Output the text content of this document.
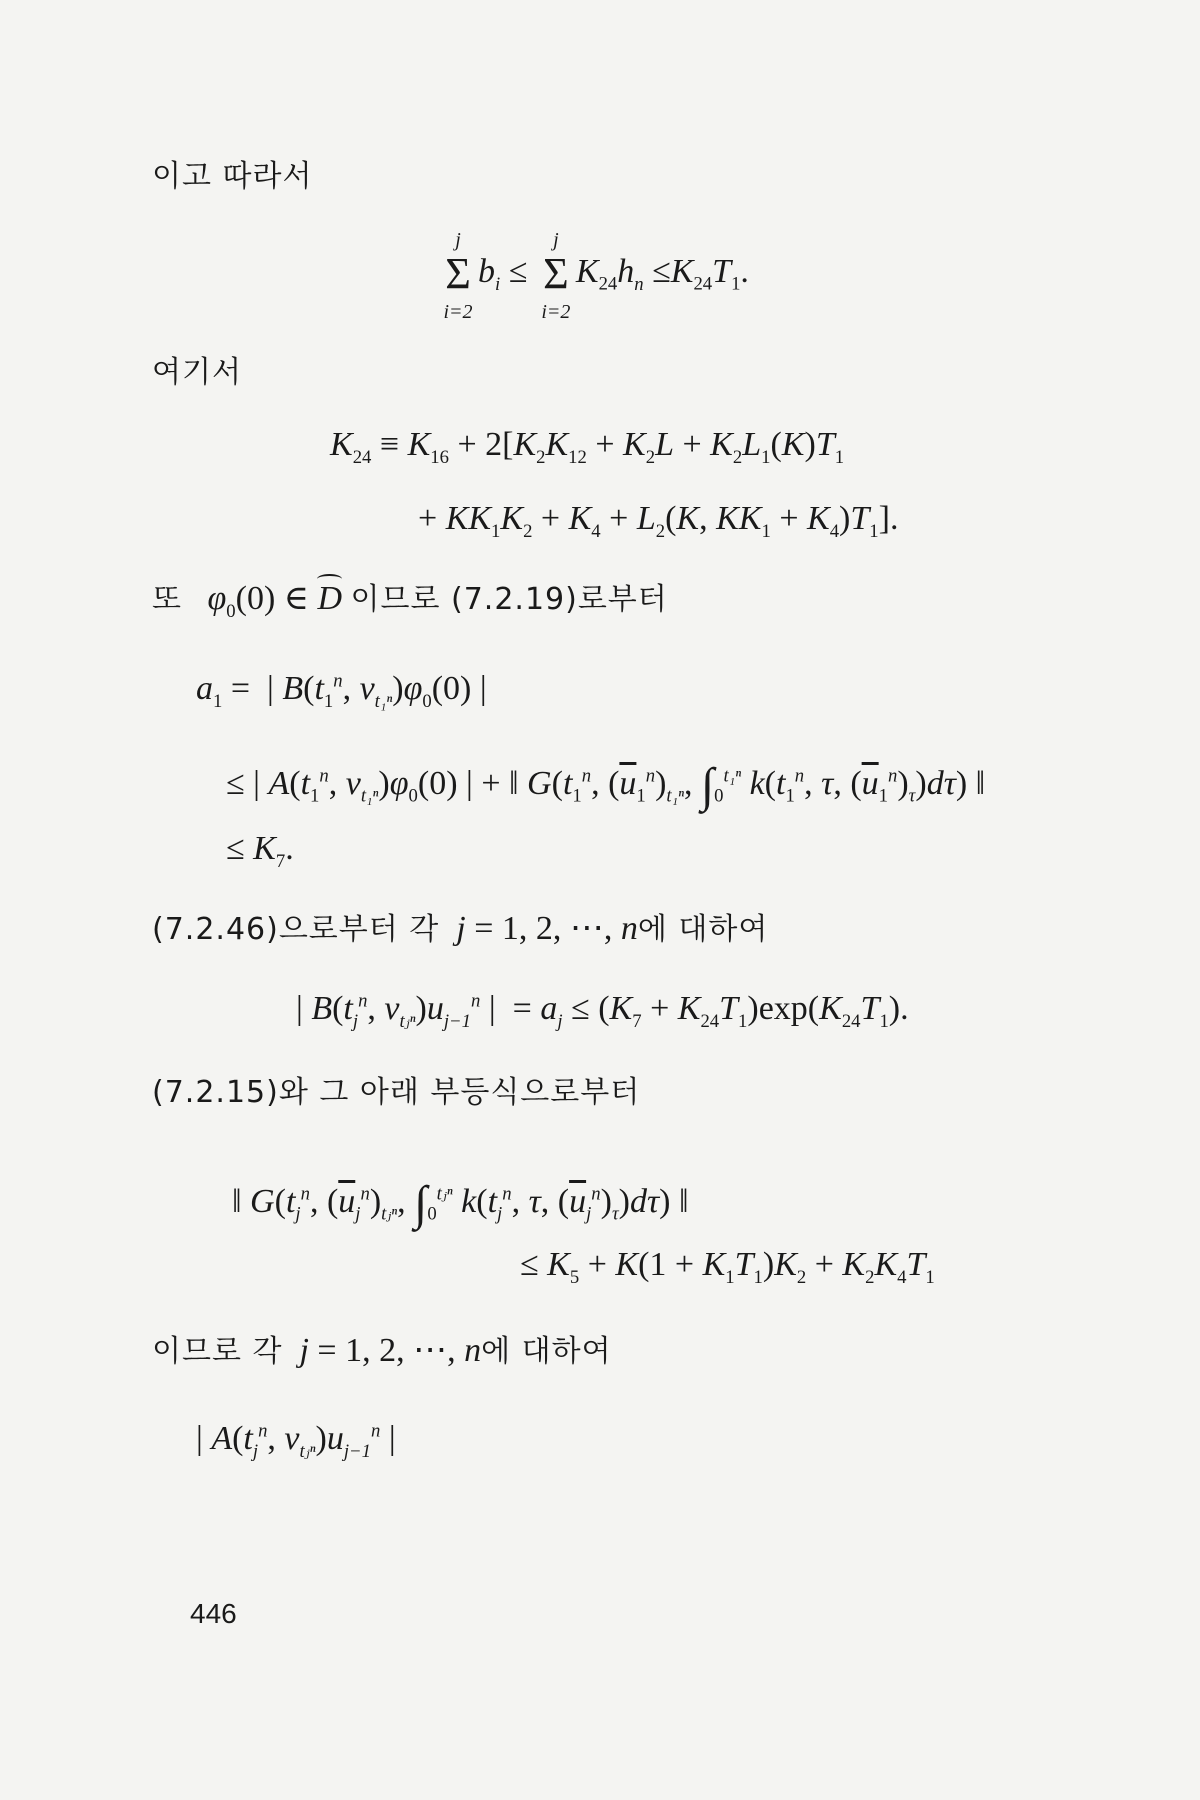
이고 따라서
j
Σ
i=2
$b_i$ ≤
j
Σ
i=2
$K_{24}h_n \le K_{24}T_1$.
여기서
$K_{24} \equiv K_{16} + 2[K_2K_{12} + K_2L + K_2L_1(K)T_1$
+ $KK_1K_2 + K_4 + L_2(K$, $KK_1 + K_4)T_1$].
또 $\varphi_0(0)$ ∈ D 이므로 (7.2.19)로부터
$a_1$ =  | $B(t_1^n$, $v_{t_1^n})\varphi_0(0)$ |
≤ | $A(t_1^n$, $v_{t_1^n})\varphi_0(0)$ | + ‖ $G(t_1^n$, $(\overline{u}_1^n)_{t_1^n}$, $\int_0^{t_1^n}$ $k(t_1^n$, τ, $(\overline{u}_1^n)_\tau)d\tau$) ‖
≤ $K_7$.
(7.2.46)으로부터 각 j = 1, 2, ⋯, n에 대하여
| $B(t_j^n$, $v_{tⱼ^n})u_{j-1}^n$ |  = $a_j \le (K_7 + K_{24}T_1)\exp(K_{24}T_1)$.
(7.2.15)와 그 아래 부등식으로부터
‖ $G(t_j^n$, $(\overline{u}_j^n)_{tⱼ^n}$, $\int_0^{tⱼ^n}$ $k(t_j^n$, τ, $(\overline{u}_j^n)_\tau)d\tau$) ‖
≤ $K_5 + K(1 + K_1T_1)K_2 + K_2K_4T_1$
이므로 각 j = 1, 2, ⋯, n에 대하여
| $A(t_j^n$, $v_{tⱼ^n})u_{j-1}^n$ |
446
